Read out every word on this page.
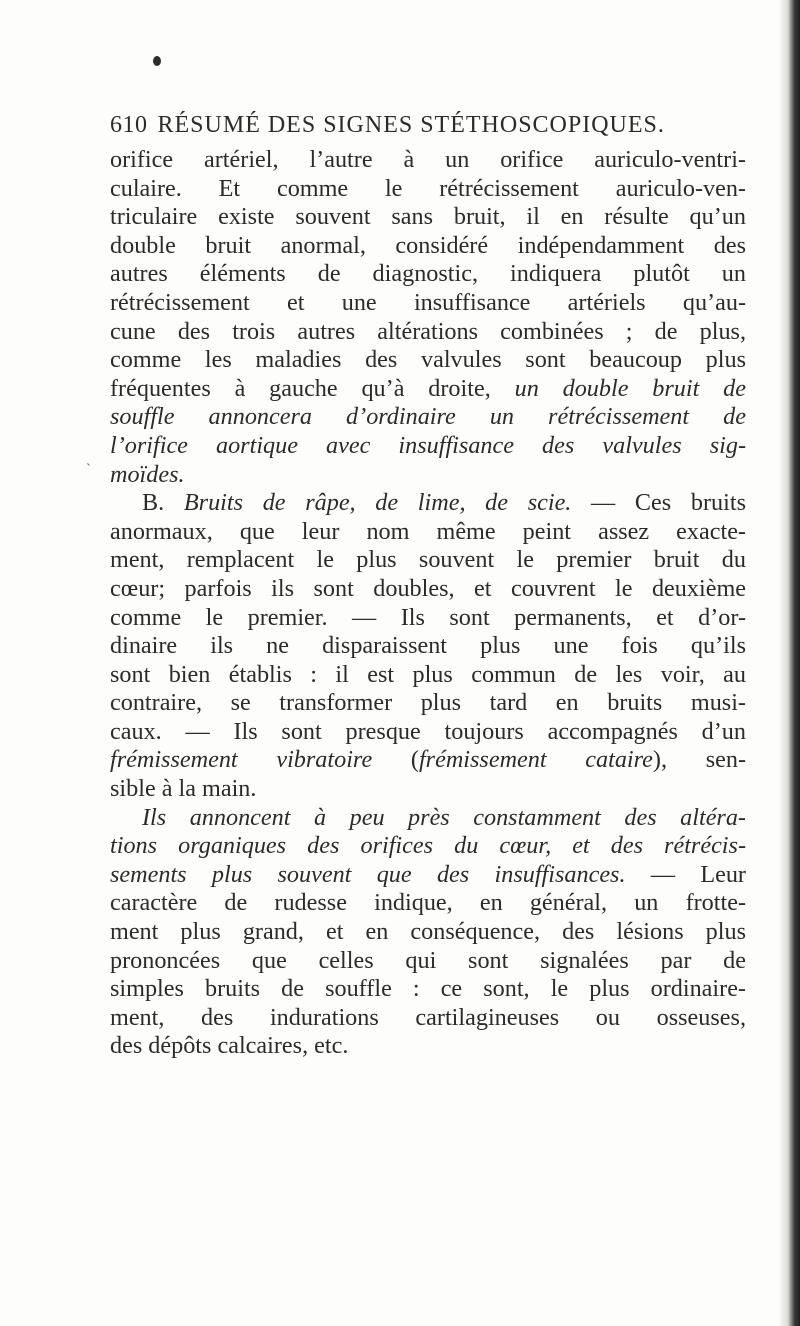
610 RÉSUMÉ DES SIGNES STÉTHOSCOPIQUES.
ˋ
orifice artériel, l’autre à un orifice auriculo-ventri-
culaire. Et comme le rétrécissement auriculo-ven-
triculaire existe souvent sans bruit, il en résulte qu’un
double bruit anormal, considéré indépendamment des
autres éléments de diagnostic, indiquera plutôt un
rétrécissement et une insuffisance artériels qu’au-
cune des trois autres altérations combinées ; de plus,
comme les maladies des valvules sont beaucoup plus
fréquentes à gauche qu’à droite, un double bruit de
souffle annoncera d’ordinaire un rétrécissement de
l’orifice aortique avec insuffisance des valvules sig-
moïdes.
B. Bruits de râpe, de lime, de scie. — Ces bruits
anormaux, que leur nom même peint assez exacte-
ment, remplacent le plus souvent le premier bruit du
cœur; parfois ils sont doubles, et couvrent le deuxième
comme le premier. — Ils sont permanents, et d’or-
dinaire ils ne disparaissent plus une fois qu’ils
sont bien établis : il est plus commun de les voir, au
contraire, se transformer plus tard en bruits musi-
caux. — Ils sont presque toujours accompagnés d’un
frémissement vibratoire (frémissement cataire), sen-
sible à la main.
Ils annoncent à peu près constamment des altéra-
tions organiques des orifices du cœur, et des rétrécis-
sements plus souvent que des insuffisances. — Leur
caractère de rudesse indique, en général, un frotte-
ment plus grand, et en conséquence, des lésions plus
prononcées que celles qui sont signalées par de
simples bruits de souffle : ce sont, le plus ordinaire-
ment, des indurations cartilagineuses ou osseuses,
des dépôts calcaires, etc.
